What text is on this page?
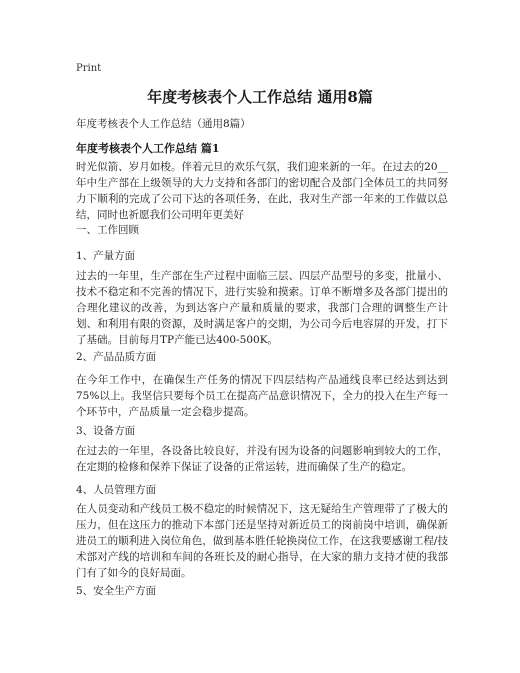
Print
年度考核表个人工作总结 通用8篇
年度考核表个人工作总结（通用8篇）
年度考核表个人工作总结 篇1
时光似箭、岁月如梭。伴着元旦的欢乐气氛，我们迎来新的一年。在过去的20__年中生产部在上级领导的大力支持和各部门的密切配合及部门全体员工的共同努力下顺利的完成了公司下达的各项任务，在此，我对生产部一年来的工作做以总结，同时也祈愿我们公司明年更美好
一、工作回顾
1、产量方面
过去的一年里，生产部在生产过程中面临三层、四层产品型号的多变，批量小、技术不稳定和不完善的情况下，进行实验和摸索。订单不断增多及各部门提出的合理化建议的改善，为到达客户产量和质量的要求，我部门合理的调整生产计划、和利用有限的资源，及时满足客户的交期，为公司今后电容屏的开发，打下了基础。目前每月TP产能已达400-500K。
2、产品品质方面
在今年工作中，在确保生产任务的情况下四层结构产品通线良率已经达到达到75%以上。我坚信只要每个员工在提高产品意识情况下，全力的投入在生产每一个环节中，产品质量一定会稳步提高。
3、设备方面
在过去的一年里，各设备比较良好，并没有因为设备的问题影响到较大的工作，在定期的检修和保养下保证了设备的正常运转，进而确保了生产的稳定。
4、人员管理方面
在人员变动和产线员工极不稳定的时候情况下，这无疑给生产管理带了了极大的压力，但在这压力的推动下本部门还是坚持对新近员工的岗前岗中培训，确保新进员工的顺利进入岗位角色，做到基本胜任轮换岗位工作，在这我要感谢工程/技术部对产线的培训和车间的各班长及的耐心指导，在大家的鼎力支持才使的我部门有了如今的良好局面。
5、安全生产方面
